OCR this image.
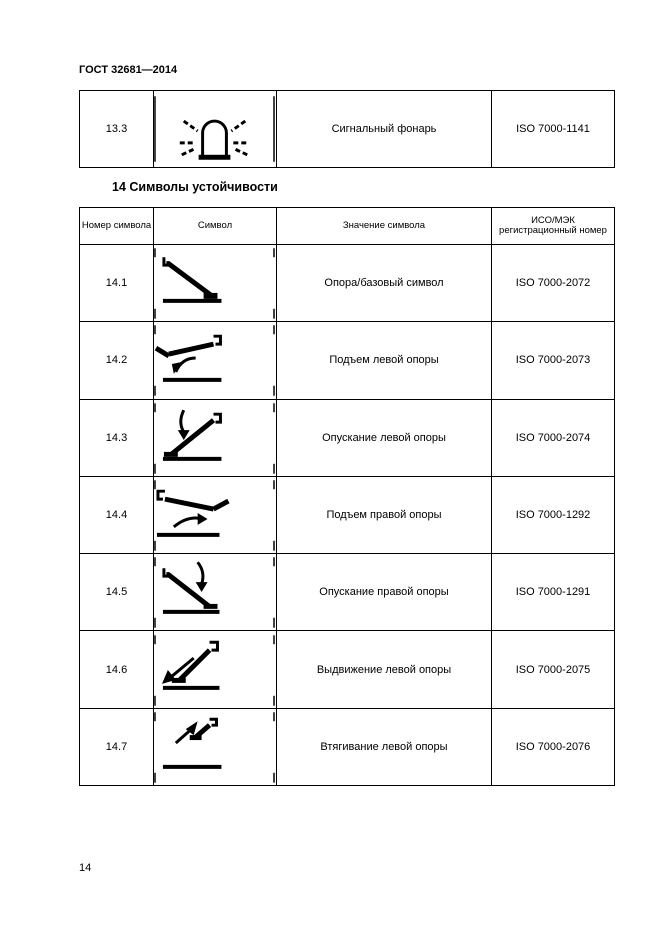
ГОСТ 32681—2014
13.3		Сигнальный фонарь	ISO 7000-1141
14 Символы устойчивости
Номер символа	Символ	Значение символа	ИСО/МЭК регистрационный номер
14.1		Опора/базовый символ	ISO 7000-2072
14.2		Подъем левой опоры	ISO 7000-2073
14.3		Опускание левой опоры	ISO 7000-2074
14.4		Подъем правой опоры	ISO 7000-1292
14.5		Опускание правой опоры	ISO 7000-1291
14.6		Выдвижение левой опоры	ISO 7000-2075
14.7		Втягивание левой опоры	ISO 7000-2076
14
